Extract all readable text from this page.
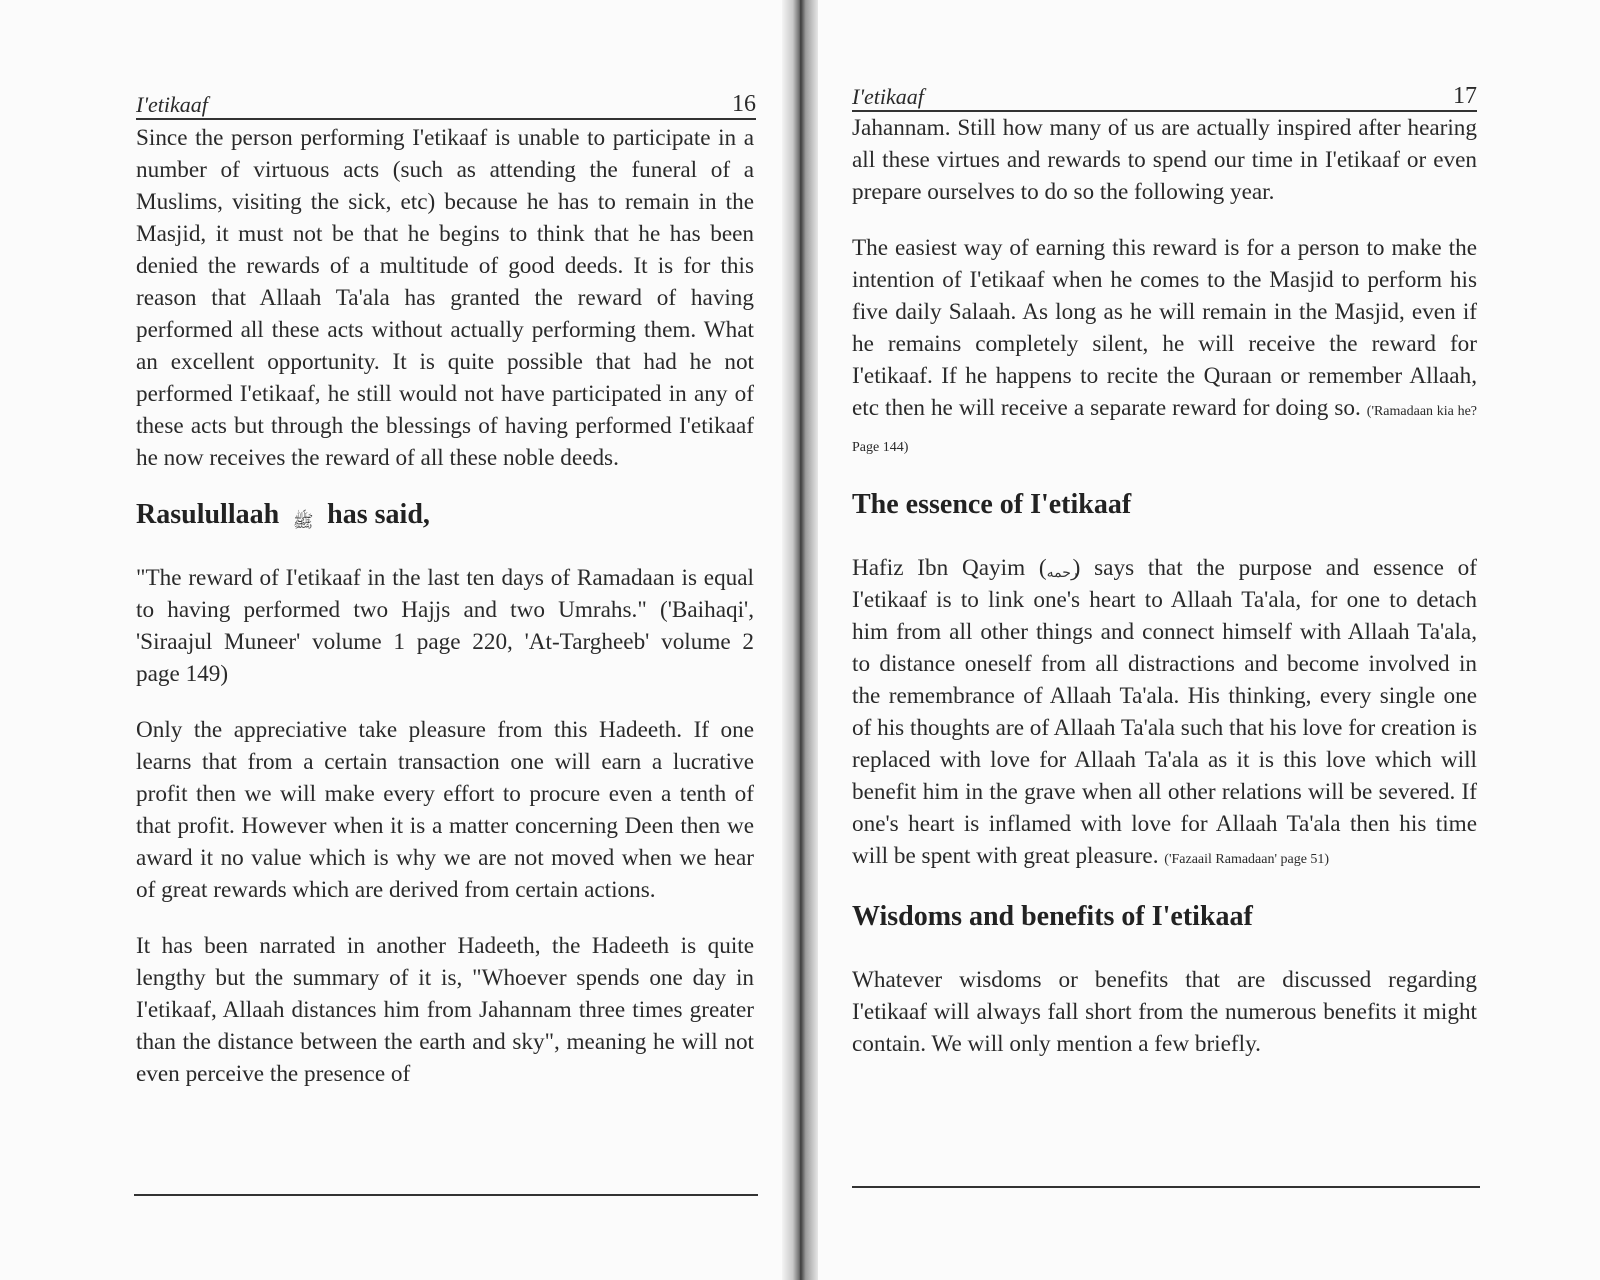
I'etikaaf	16

Since the person performing I'etikaaf is unable to participate in a number of virtuous acts (such as attending the funeral of a Muslims, visiting the sick, etc) because he has to remain in the Masjid, it must not be that he begins to think that he has been denied the rewards of a multitude of good deeds. It is for this reason that Allaah Ta'ala has granted the reward of having performed all these acts without actually performing them. What an excellent opportunity. It is quite possible that had he not performed I'etikaaf, he still would not have participated in any of these acts but through the blessings of having performed I'etikaaf he now receives the reward of all these noble deeds.

Rasulullaah ﷺ has said,

"The reward of I'etikaaf in the last ten days of Ramadaan is equal to having performed two Hajjs and two Umrahs." ('Baihaqi', 'Siraajul Muneer' volume 1 page 220, 'At-Targheeb' volume 2 page 149)

Only the appreciative take pleasure from this Hadeeth. If one learns that from a certain transaction one will earn a lucrative profit then we will make every effort to procure even a tenth of that profit. However when it is a matter concerning Deen then we award it no value which is why we are not moved when we hear of great rewards which are derived from certain actions.

It has been narrated in another Hadeeth, the Hadeeth is quite lengthy but the summary of it is, "Whoever spends one day in I'etikaaf, Allaah distances him from Jahannam three times greater than the distance between the earth and sky", meaning he will not even perceive the presence of

I'etikaaf	17

Jahannam. Still how many of us are actually inspired after hearing all these virtues and rewards to spend our time in I'etikaaf or even prepare ourselves to do so the following year.

The easiest way of earning this reward is for a person to make the intention of I'etikaaf when he comes to the Masjid to perform his five daily Salaah. As long as he will remain in the Masjid, even if he remains completely silent, he will receive the reward for I'etikaaf. If he happens to recite the Quraan or remember Allaah, etc then he will receive a separate reward for doing so. ('Ramadaan kia he? Page 144)

The essence of I'etikaaf

Hafiz Ibn Qayim (رحمه) says that the purpose and essence of I'etikaaf is to link one's heart to Allaah Ta'ala, for one to detach him from all other things and connect himself with Allaah Ta'ala, to distance oneself from all distractions and become involved in the remembrance of Allaah Ta'ala. His thinking, every single one of his thoughts are of Allaah Ta'ala such that his love for creation is replaced with love for Allaah Ta'ala as it is this love which will benefit him in the grave when all other relations will be severed. If one's heart is inflamed with love for Allaah Ta'ala then his time will be spent with great pleasure. ('Fazaail Ramadaan' page 51)

Wisdoms and benefits of I'etikaaf

Whatever wisdoms or benefits that are discussed regarding I'etikaaf will always fall short from the numerous benefits it might contain. We will only mention a few briefly.
